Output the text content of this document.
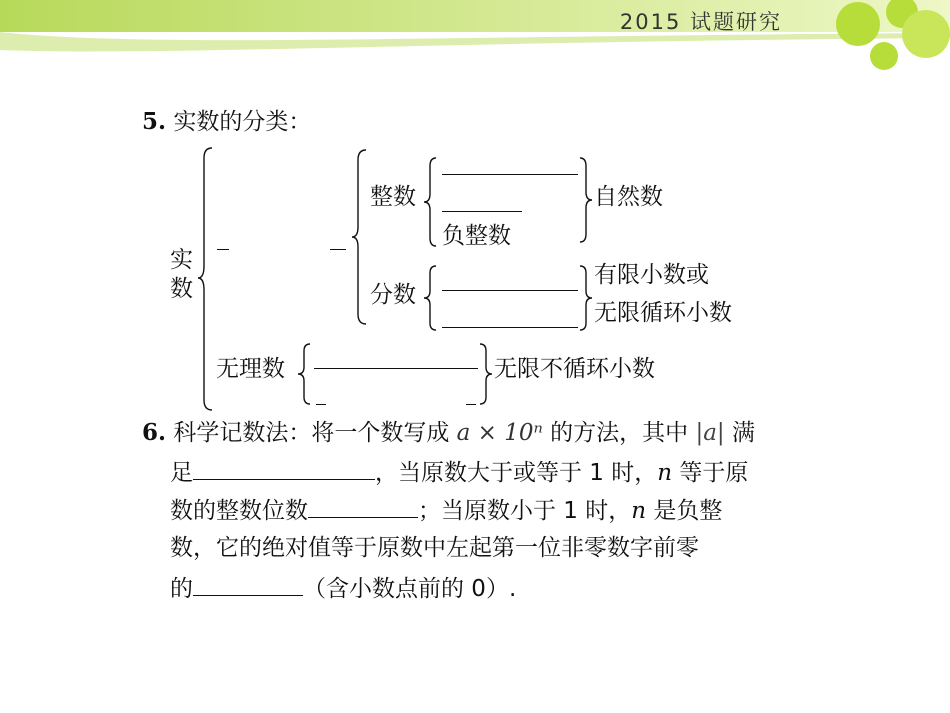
2015 试题研究
5. 实数的分类：
实
数
整数
负整数
自然数
分数
有限小数或
无限循环小数
无理数	无限不循环小数
6. 科学记数法：将一个数写成 a × 10ⁿ 的方法，其中 |a| 满
足	，当原数大于或等于 1 时，n 等于原
数的整数位数	；当原数小于 1 时，n 是负整
数，它的绝对值等于原数中左起第一位非零数字前零
的	（含小数点前的 0）.
